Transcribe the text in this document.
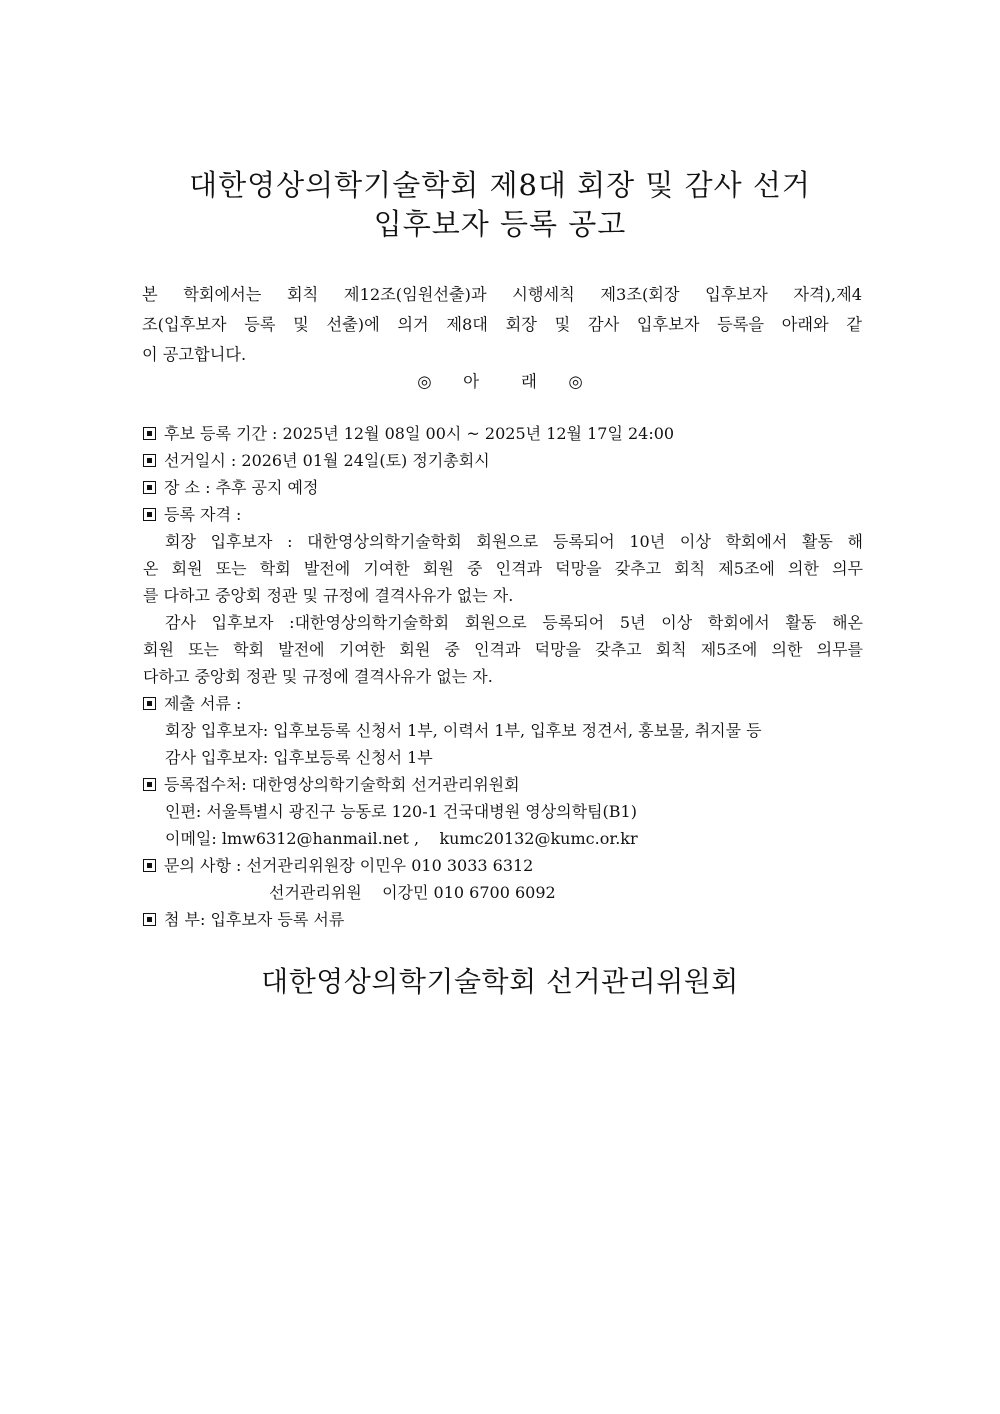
대한영상의학기술학회 제8대 회장 및 감사 선거
입후보자 등록 공고
본 학회에서는 회칙 제12조(임원선출)과 시행세칙 제3조(회장 입후보자 자격),제4
조(입후보자 등록 및 선출)에 의거 제8대 회장 및 감사 입후보자 등록을 아래와 같
이 공고합니다.
◎      아        래      ◎
후보 등록 기간 : 2025년 12월 08일 00시 ~ 2025년 12월 17일 24:00
선거일시 : 2026년 01월 24일(토) 정기총회시
장 소 : 추후 공지 예정
등록 자격 :
회장 입후보자 : 대한영상의학기술학회 회원으로 등록되어 10년 이상 학회에서 활동 해
온 회원 또는 학회 발전에 기여한 회원 중 인격과 덕망을 갖추고 회칙 제5조에 의한 의무
를 다하고 중앙회 정관 및 규정에 결격사유가 없는 자.
감사 입후보자 :대한영상의학기술학회 회원으로 등록되어 5년 이상 학회에서 활동 해온
회원 또는 학회 발전에 기여한 회원 중 인격과 덕망을 갖추고 회칙 제5조에 의한 의무를
다하고 중앙회 정관 및 규정에 결격사유가 없는 자.
제출 서류 :
회장 입후보자: 입후보등록 신청서 1부, 이력서 1부, 입후보 정견서, 홍보물, 취지물 등
감사 입후보자: 입후보등록 신청서 1부
등록접수처: 대한영상의학기술학회 선거관리위원회
인편: 서울특별시 광진구 능동로 120-1 건국대병원 영상의학팀(B1)
이메일: lmw6312@hanmail.net ,    kumc20132@kumc.or.kr
문의 사항 : 선거관리위원장 이민우 010 3033 6312
선거관리위원    이강민 010 6700 6092
첨 부: 입후보자 등록 서류
대한영상의학기술학회 선거관리위원회
